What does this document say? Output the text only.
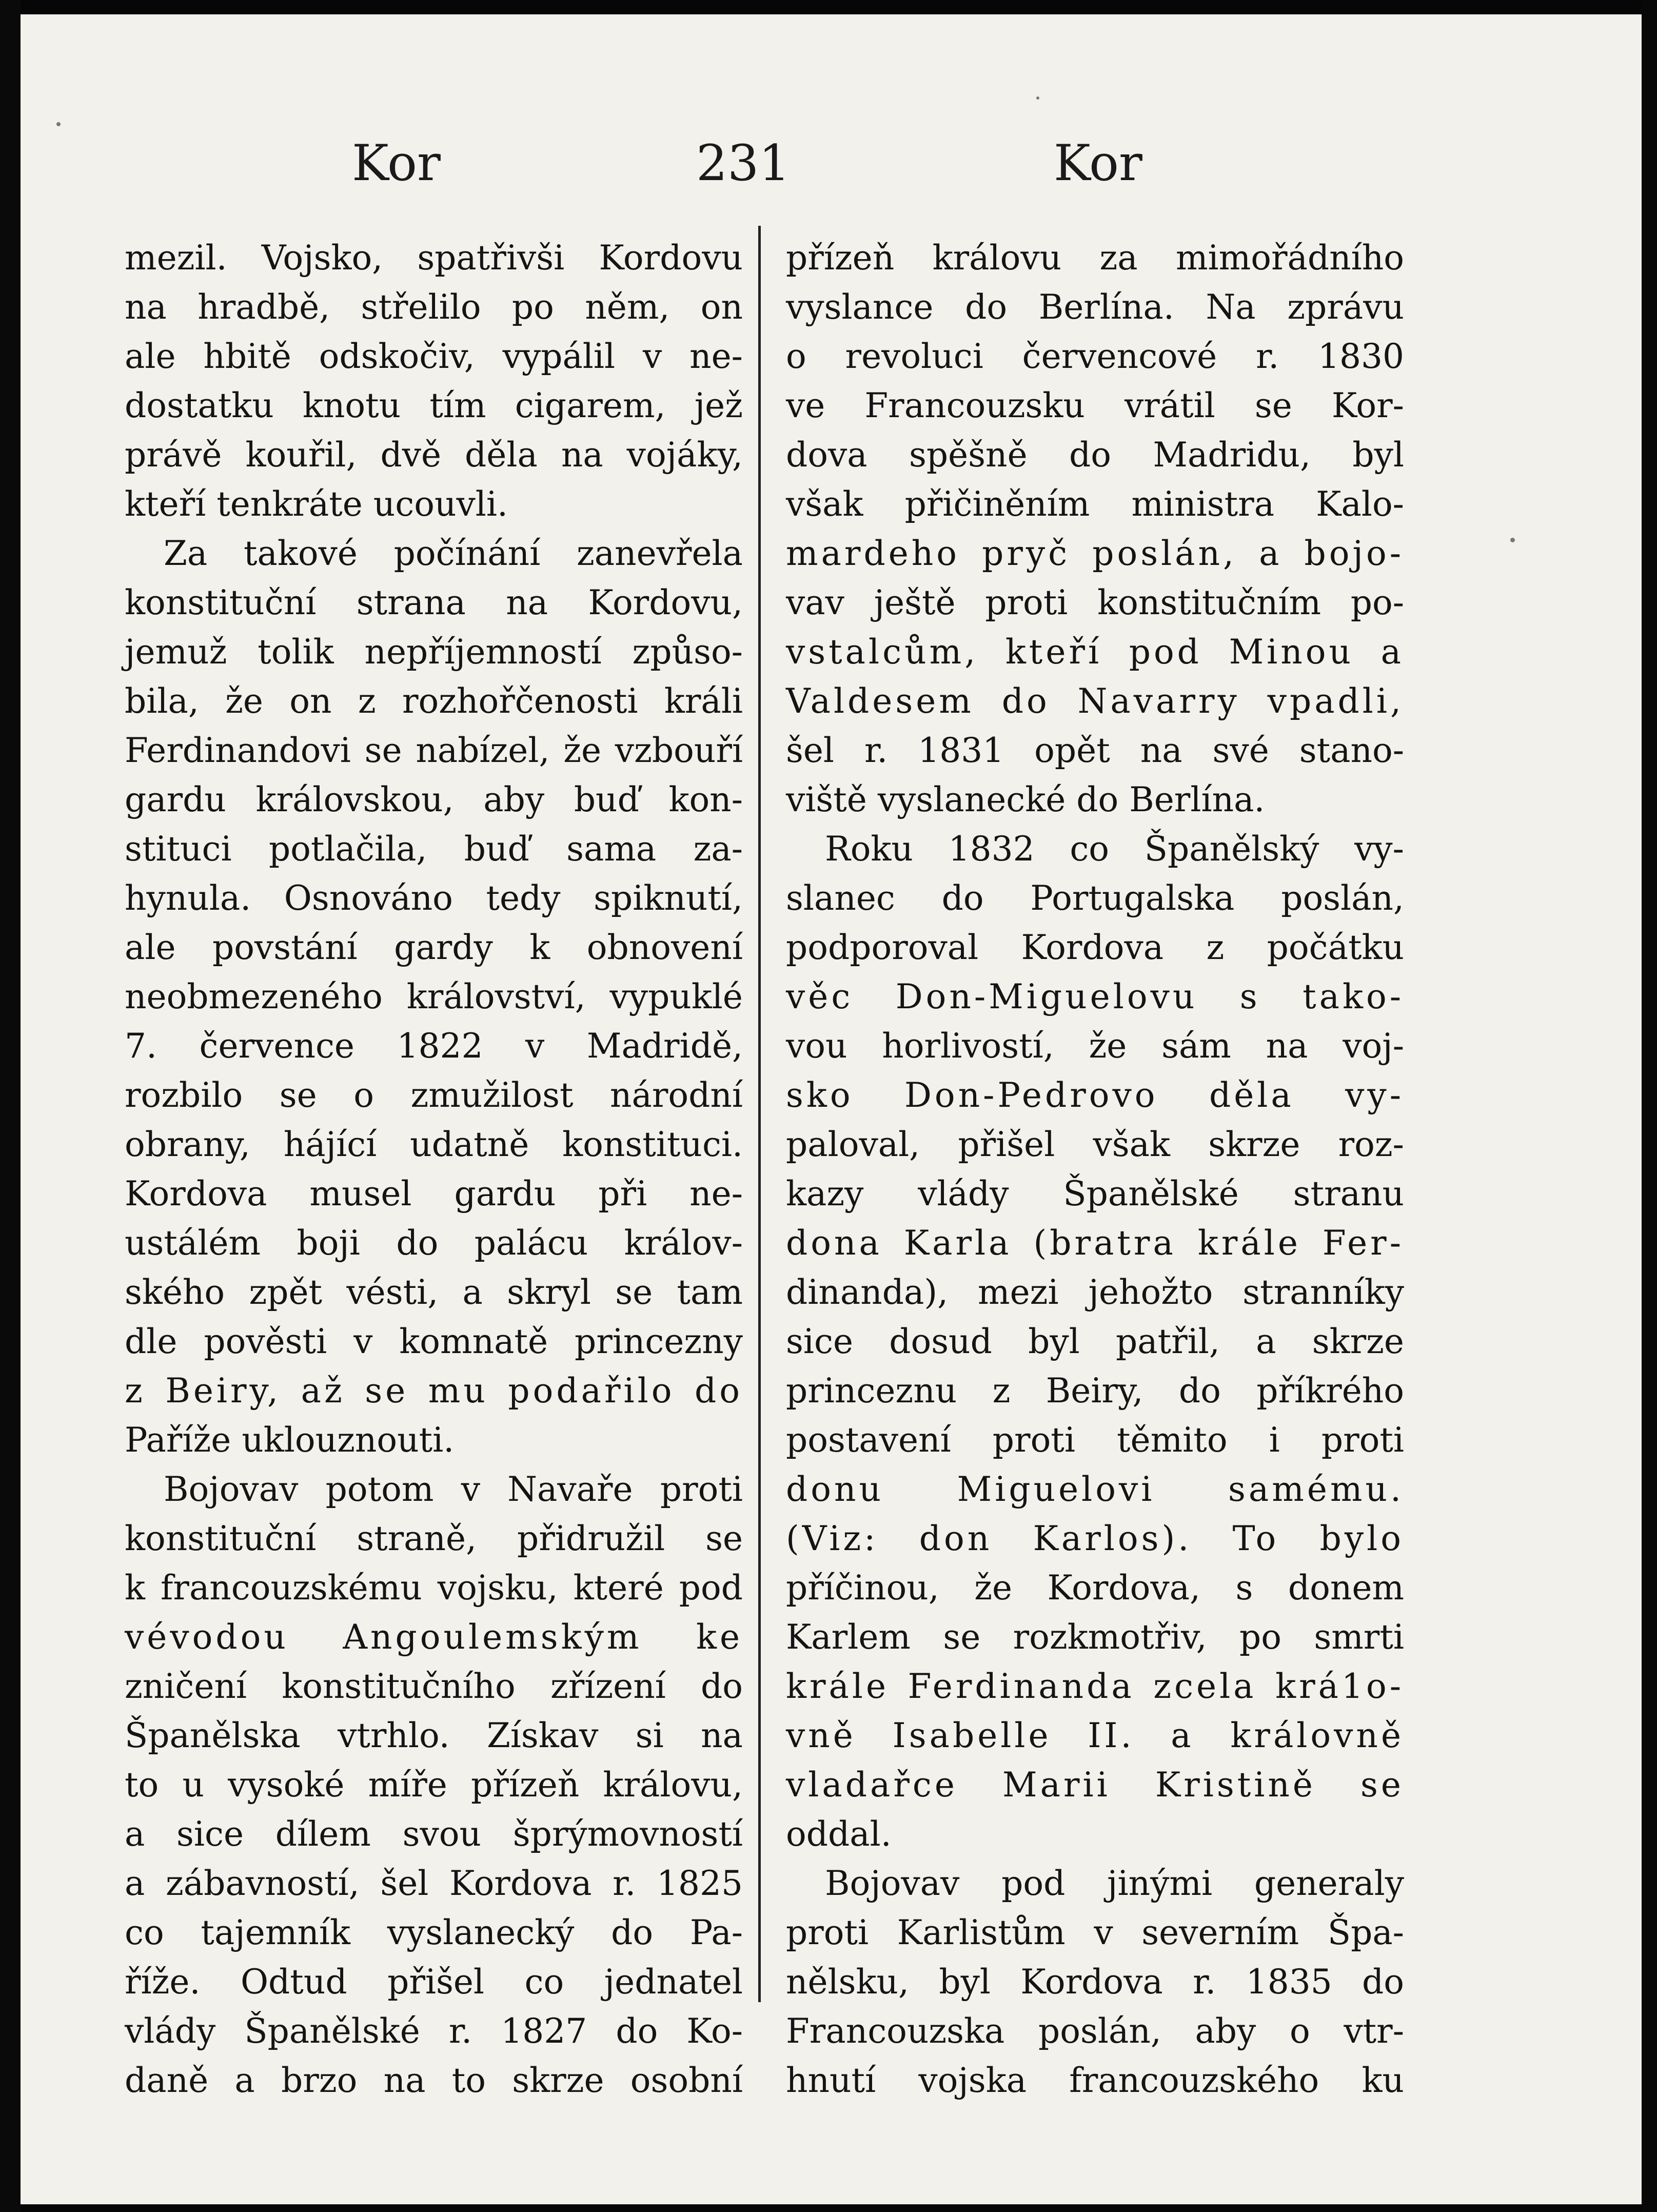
Kor	231	Kor
mezil. Vojsko, spatřivši Kordovu
na hradbě, střelilo po něm, on
ale hbitě odskočiv, vypálil v ne-
dostatku knotu tím cigarem, jež
právě kouřil, dvě děla na vojáky,
kteří tenkráte ucouvli.
Za takové počínání zanevřela
konstituční strana na Kordovu,
jemuž tolik nepříjemností způso-
bila, že on z rozhořčenosti králi
Ferdinandovi se nabízel, že vzbouří
gardu královskou, aby buď kon-
stituci potlačila, buď sama za-
hynula. Osnováno tedy spiknutí,
ale povstání gardy k obnovení
neobmezeného království, vypuklé
7. července 1822 v Madridě,
rozbilo se o zmužilost národní
obrany, hájící udatně konstituci.
Kordova musel gardu při ne-
ustálém boji do palácu králov-
ského zpět vésti, a skryl se tam
dle pověsti v komnatě princezny
z Beiry, až se mu podařilo do
Paříže uklouznouti.
Bojovav potom v Navaře proti
konstituční straně, přidružil se
k francouzskému vojsku, které pod
vévodou Angoulemským ke
zničení konstitučního zřízení do
Španělska vtrhlo. Získav si na
to u vysoké míře přízeň královu,
a sice dílem svou šprýmovností
a zábavností, šel Kordova r. 1825
co tajemník vyslanecký do Pa-
říže. Odtud přišel co jednatel
vlády Španělské r. 1827 do Ko-
daně a brzo na to skrze osobní
přízeň královu za mimořádního
vyslance do Berlína. Na zprávu
o revoluci červencové r. 1830
ve Francouzsku vrátil se Kor-
dova spěšně do Madridu, byl
však přičiněním ministra Kalo-
mardeho pryč poslán, a bojo-
vav ještě proti konstitučním po-
vstalcům, kteří pod Minou a
Valdesem do Navarry vpadli,
šel r. 1831 opět na své stano-
viště vyslanecké do Berlína.
Roku 1832 co Španělský vy-
slanec do Portugalska poslán,
podporoval Kordova z počátku
věc Don-Miguelovu s tako-
vou horlivostí, že sám na voj-
sko Don-Pedrovo děla vy-
paloval, přišel však skrze roz-
kazy vlády Španělské stranu
dona Karla (bratra krále Fer-
dinanda), mezi jehožto stranníky
sice dosud byl patřil, a skrze
princeznu z Beiry, do příkrého
postavení proti těmito i proti
donu Miguelovi samému.
(Viz: don Karlos). To bylo
příčinou, že Kordova, s donem
Karlem se rozkmotřiv, po smrti
krále Ferdinanda zcela krá1o-
vně Isabelle II. a královně
vladařce Marii Kristině se
oddal.
Bojovav pod jinými generaly
proti Karlistům v severním Špa-
nělsku, byl Kordova r. 1835 do
Francouzska poslán, aby o vtr-
hnutí vojska francouzského ku
